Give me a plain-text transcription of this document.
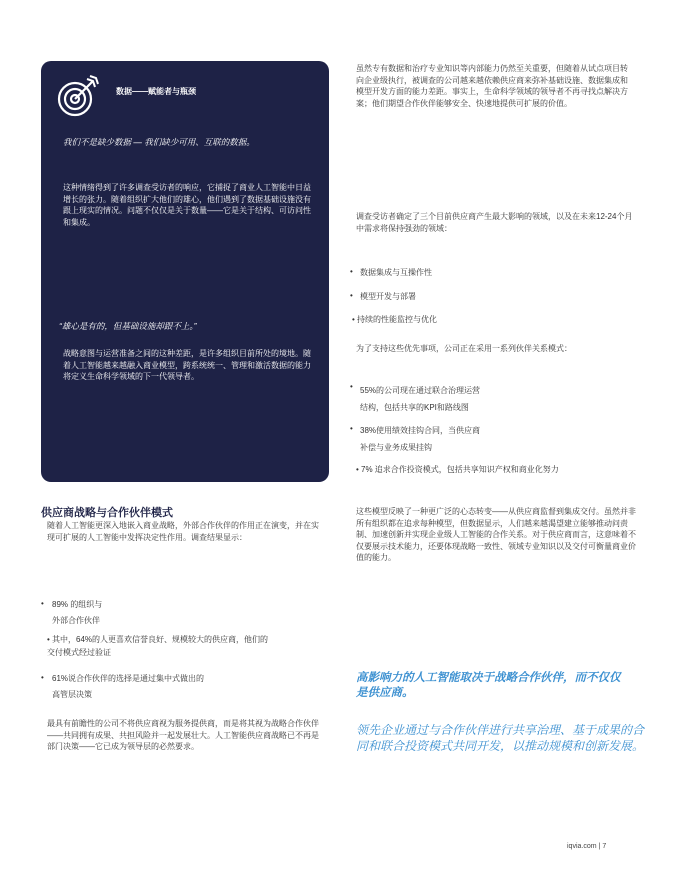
数据——赋能者与瓶颈

我们不是缺少数据 — 我们缺少可用、互联的数据。

这种情绪得到了许多调查受访者的响应，它捕捉了商业人工智能中日益增长的张力。随着组织扩大他们的雄心，他们遇到了数据基础设施没有跟上现实的情况。问题不仅仅是关于数量——它是关于结构、可访问性和集成。

“雄心是有的，但基础设施却跟不上。”

战略意图与运营准备之间的这种差距，是许多组织目前所处的境地。随着人工智能越来越融入商业模型，跨系统统一、管理和激活数据的能力将定义生命科学领域的下一代领导者。

供应商战略与合作伙伴模式

随着人工智能更深入地嵌入商业战略，外部合作伙伴的作用正在演变，并在实现可扩展的人工智能中发挥决定性作用。调查结果显示：

• 89% 的组织与
外部合作伙伴
• 其中，64%的人更喜欢信誉良好、规模较大的供应商，他们的
交付模式经过验证
• 61%说合作伙伴的选择是通过集中式做出的
高管层决策

最具有前瞻性的公司不将供应商视为服务提供商，而是将其视为战略合作伙伴——共同拥有成果、共担风险并一起发展壮大。人工智能供应商战略已不再是部门决策——它已成为领导层的必然要求。

虽然专有数据和治疗专业知识等内部能力仍然至关重要，但随着从试点项目转向企业级执行，被调查的公司越来越依赖供应商来弥补基础设施、数据集成和模型开发方面的能力差距。事实上，生命科学领域的领导者不再寻找点解决方案；他们期望合作伙伴能够安全、快速地提供可扩展的价值。

调查受访者确定了三个目前供应商产生最大影响的领域，以及在未来12-24个月中需求将保持强劲的领域：

• 数据集成与互操作性
• 模型开发与部署
• 持续的性能监控与优化

为了支持这些优先事项，公司正在采用一系列伙伴关系模式：

• 55%的公司现在通过联合治理运营
结构，包括共享的KPI和路线图
• 38%使用绩效挂钩合同，当供应商
补偿与业务成果挂钩
• 7% 追求合作投资模式，包括共享知识产权和商业化努力

这些模型反映了一种更广泛的心态转变——从供应商监督到集成交付。虽然并非所有组织都在追求每种模型，但数据显示，人们越来越渴望建立能够推动问责制、加速创新并实现企业级人工智能的合作关系。对于供应商而言，这意味着不仅要展示技术能力，还要体现战略一致性、领域专业知识以及交付可衡量商业价值的能力。

高影响力的人工智能取决于战略合作伙伴，而不仅仅是供应商。

领先企业通过与合作伙伴进行共享治理、基于成果的合同和联合投资模式共同开发，以推动规模和创新发展。

iqvia.com | 7
